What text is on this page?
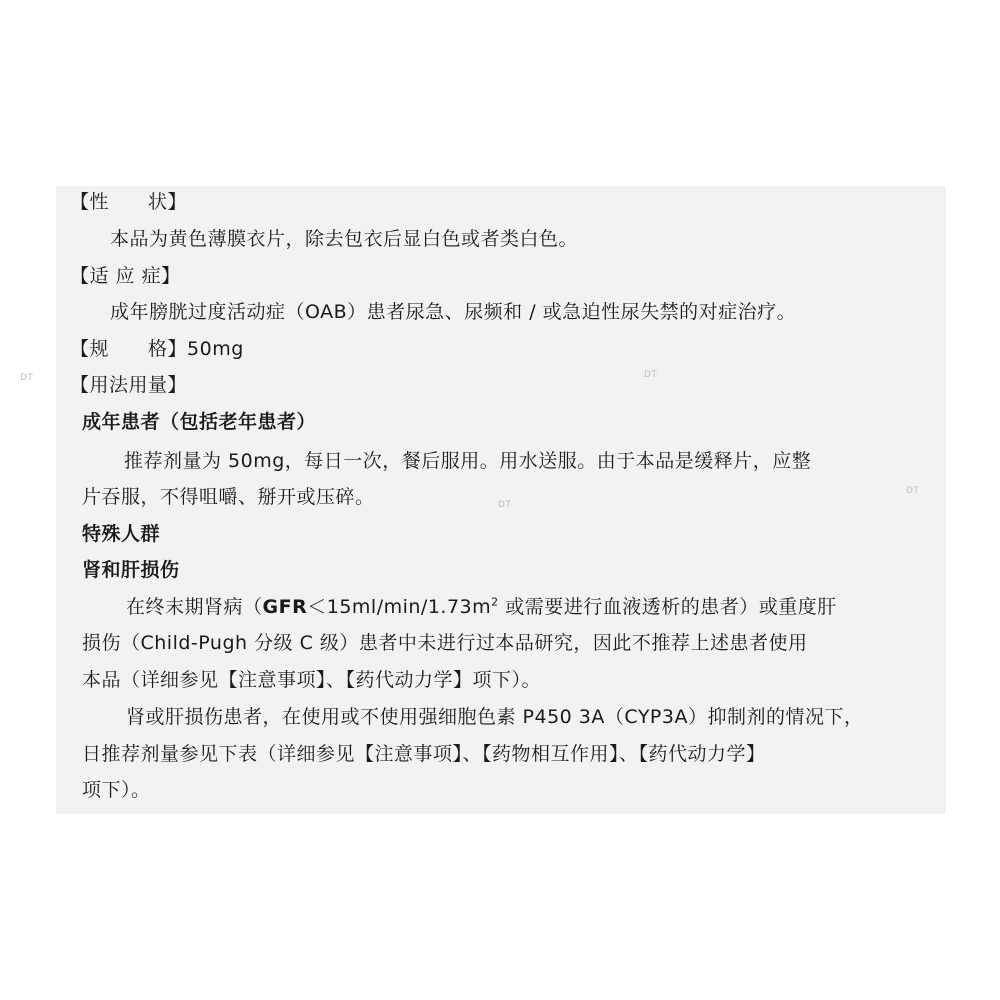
DT	DT
DT
DT
【性　　状】
本品为黄色薄膜衣片，除去包衣后显白色或者类白色。
【适 应 症】
成年膀胱过度活动症（OAB）患者尿急、尿频和 / 或急迫性尿失禁的对症治疗。
【规　　格】50mg
【用法用量】
成年患者（包括老年患者）
推荐剂量为 50mg，每日一次，餐后服用。用水送服。由于本品是缓释片，应整
片吞服，不得咀嚼、掰开或压碎。
特殊人群
肾和肝损伤
在终末期肾病（$GFR<15ml/\min/1.73m^2$ 或需要进行血液透析的患者）或重度肝
损伤（Child-Pugh 分级 C 级）患者中未进行过本品研究，因此不推荐上述患者使用
本品（详细参见【注意事项】、【药代动力学】项下）。
肾或肝损伤患者，在使用或不使用强细胞色素 P450 3A（CYP3A）抑制剂的情况下，
日推荐剂量参见下表（详细参见【注意事项】、【药物相互作用】、【药代动力学】
项下）。
